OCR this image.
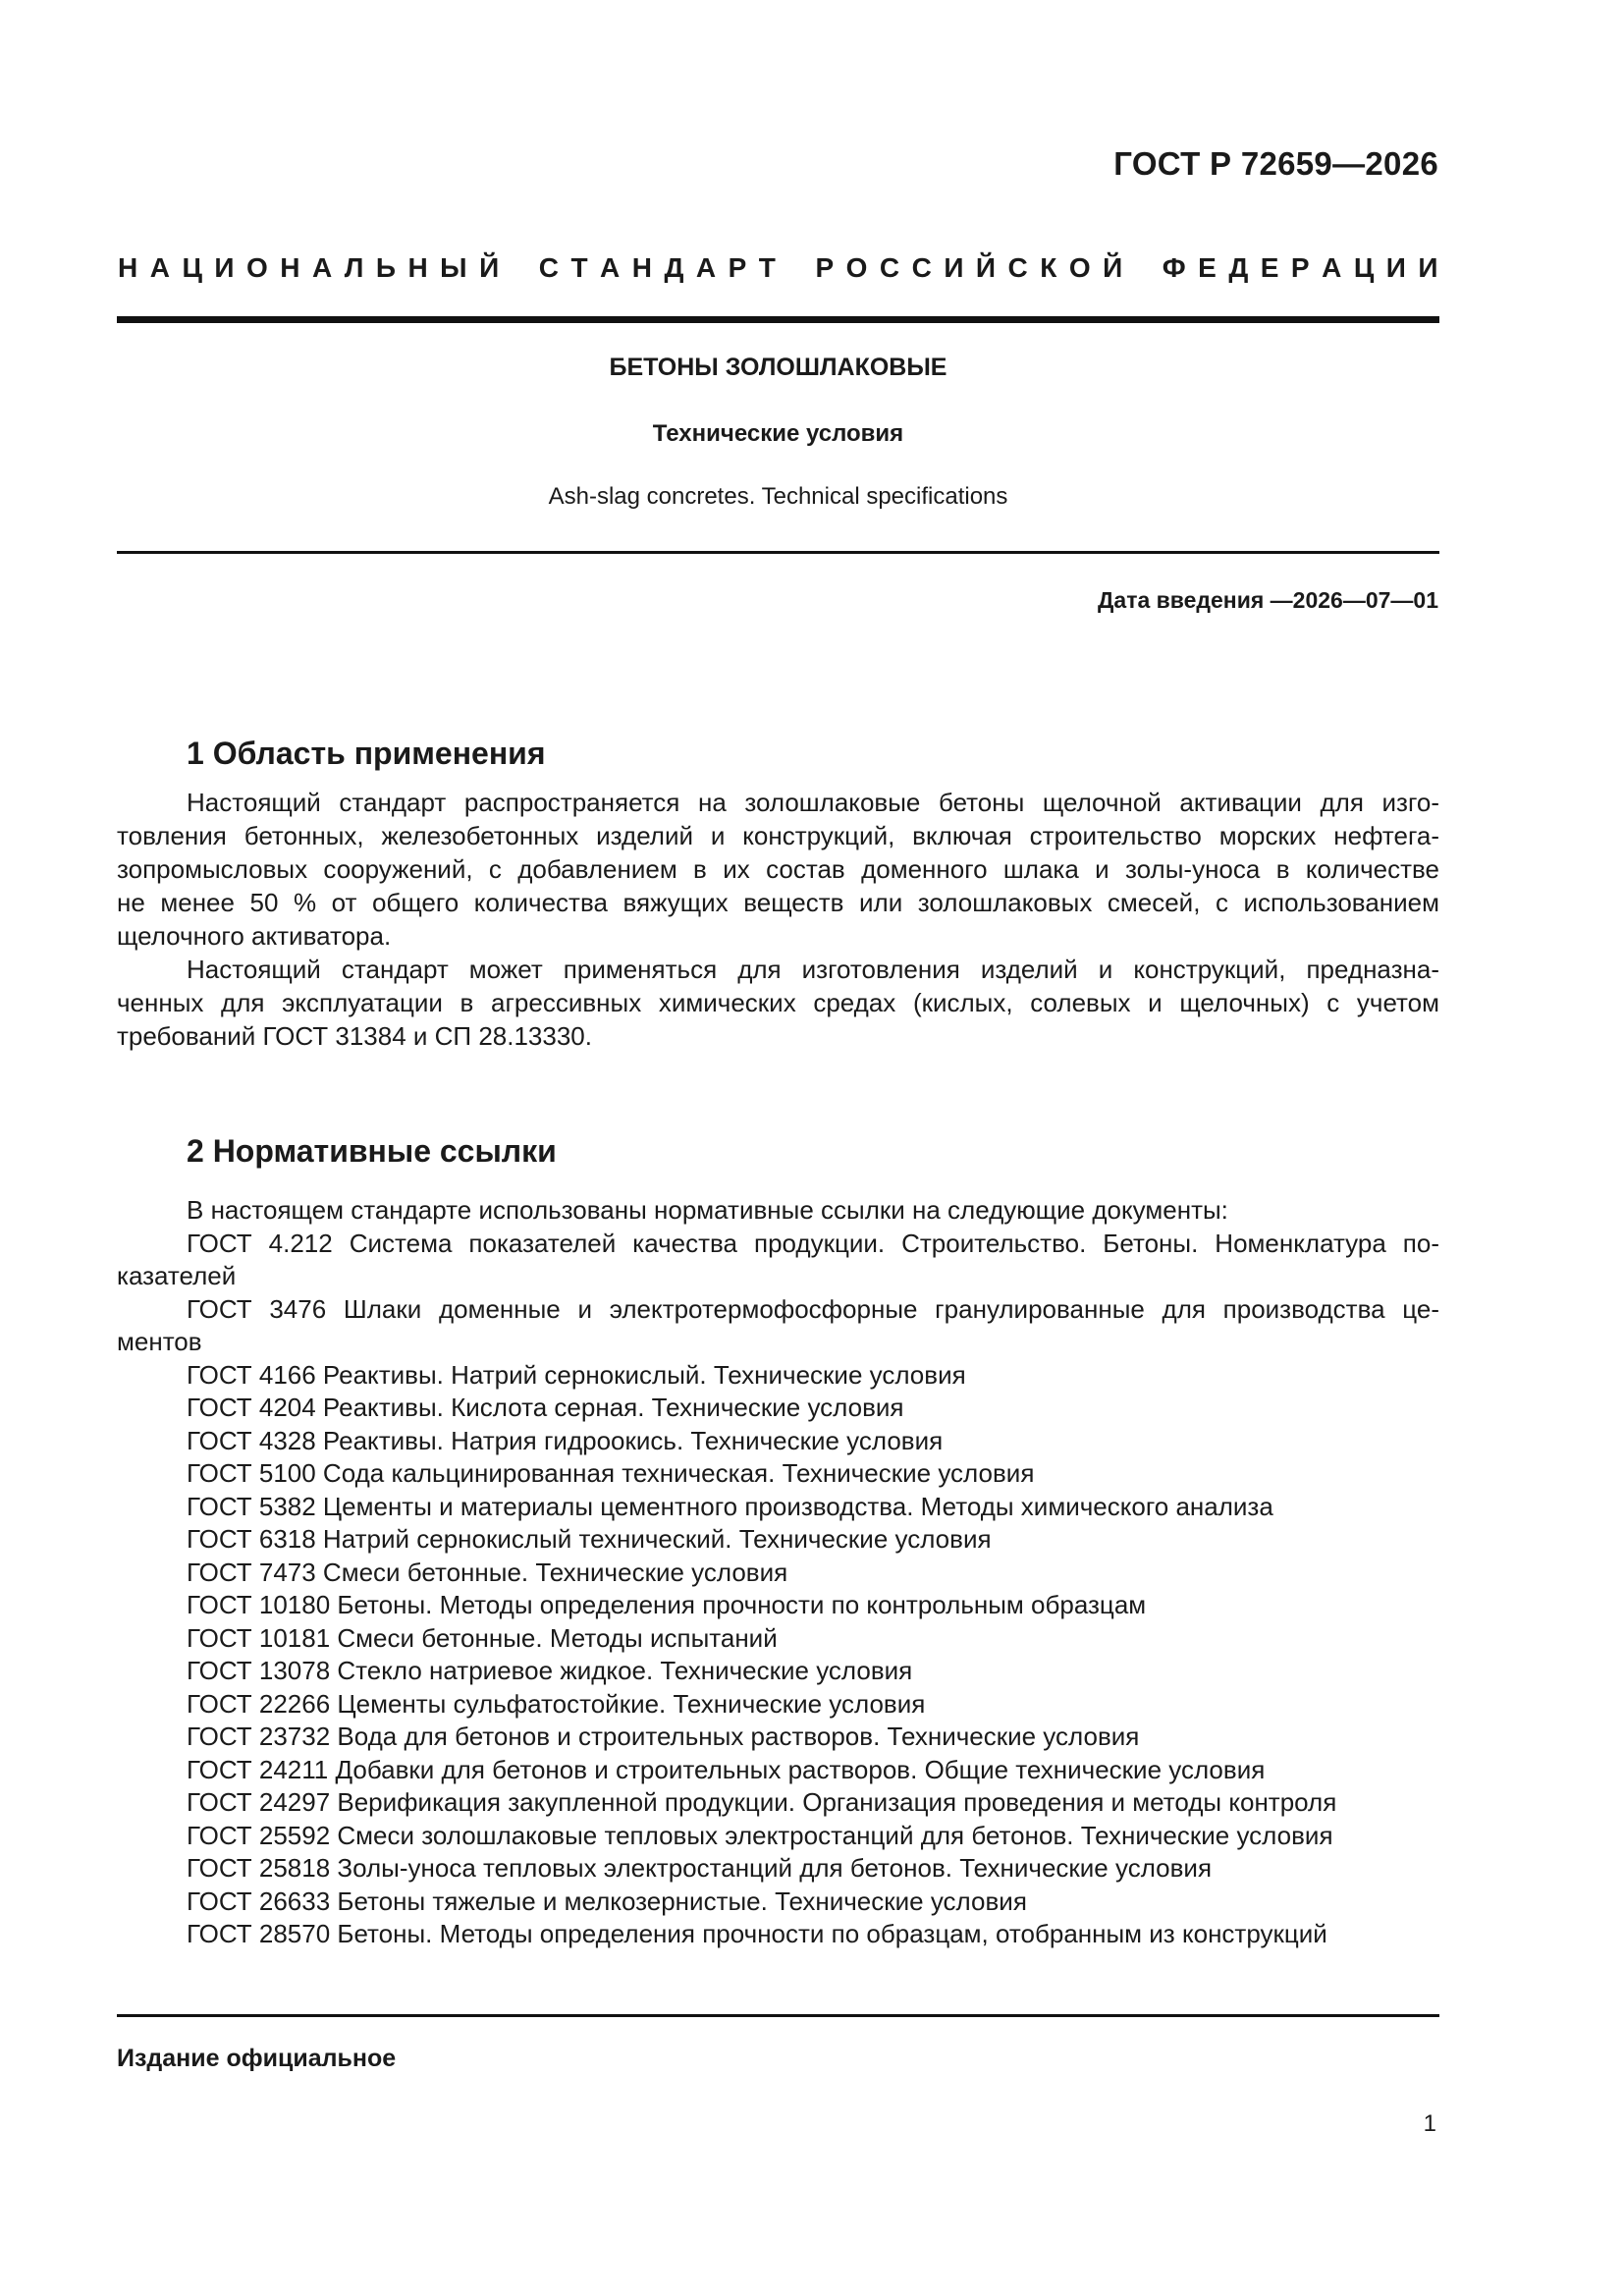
ГОСТ Р 72659—2026
Н А Ц И О Н А Л Ь Н Ы Й
С Т А Н Д А Р Т
Р О С С И Й С К О Й
Ф Е Д Е Р А Ц И И
БЕТОНЫ ЗОЛОШЛАКОВЫЕ
Технические условия
Ash-slag concretes. Technical specifications
Дата введения —2026—07—01
1 Область применения
Настоящий стандарт распространяется на золошлаковые бетоны щелочной активации для изго-
товления бетонных, железобетонных изделий и конструкций, включая строительство морских нефтега-
зопромысловых сооружений, с добавлением в их состав доменного шлака и золы-уноса в количестве
не менее 50 % от общего количества вяжущих веществ или золошлаковых смесей, с использованием
щелочного активатора.
Настоящий стандарт может применяться для изготовления изделий и конструкций, предназна-
ченных для эксплуатации в агрессивных химических средах (кислых, солевых и щелочных) с учетом
требований ГОСТ 31384 и СП 28.13330.
2 Нормативные ссылки
В настоящем стандарте использованы нормативные ссылки на следующие документы:
ГОСТ 4.212 Система показателей качества продукции. Строительство. Бетоны. Номенклатура по-
казателей
ГОСТ 3476 Шлаки доменные и электротермофосфорные гранулированные для производства це-
ментов
ГОСТ 4166 Реактивы. Натрий сернокислый. Технические условия
ГОСТ 4204 Реактивы. Кислота серная. Технические условия
ГОСТ 4328 Реактивы. Натрия гидроокись. Технические условия
ГОСТ 5100 Сода кальцинированная техническая. Технические условия
ГОСТ 5382 Цементы и материалы цементного производства. Методы химического анализа
ГОСТ 6318 Натрий сернокислый технический. Технические условия
ГОСТ 7473 Смеси бетонные. Технические условия
ГОСТ 10180 Бетоны. Методы определения прочности по контрольным образцам
ГОСТ 10181 Смеси бетонные. Методы испытаний
ГОСТ 13078 Стекло натриевое жидкое. Технические условия
ГОСТ 22266 Цементы сульфатостойкие. Технические условия
ГОСТ 23732 Вода для бетонов и строительных растворов. Технические условия
ГОСТ 24211 Добавки для бетонов и строительных растворов. Общие технические условия
ГОСТ 24297 Верификация закупленной продукции. Организация проведения и методы контроля
ГОСТ 25592 Смеси золошлаковые тепловых электростанций для бетонов. Технические условия
ГОСТ 25818 Золы-уноса тепловых электростанций для бетонов. Технические условия
ГОСТ 26633 Бетоны тяжелые и мелкозернистые. Технические условия
ГОСТ 28570 Бетоны. Методы определения прочности по образцам, отобранным из конструкций
Издание официальное
1
